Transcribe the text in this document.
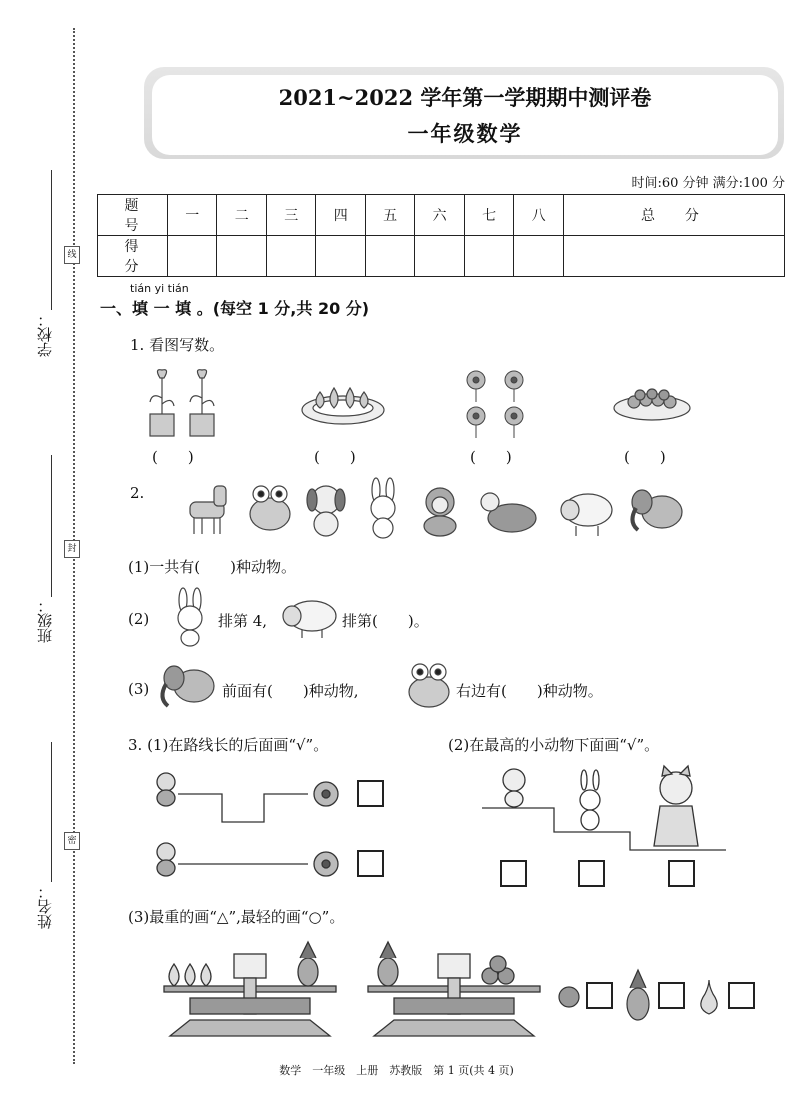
线
封
密
学校：
班级：
姓名：
2021~2022 学年第一学期期中测评卷
一年级数学
时间:60 分钟 满分:100 分
题　号	一	二	三	四	五	六	七	八	总　分
得　分									
tián yi tián
一、填 一 填 。(每空 1 分,共 20 分)
1. 看图写数。
(　　)	(　　)	(　　)	(　　)
2.
(1)一共有(　　)种动物。
(2)	排第 4,	排第(　　)。
(3)	前面有(　　)种动物,	右边有(　　)种动物。
3. (1)在路线长的后面画“√”。	(2)在最高的小动物下面画“√”。
(3)最重的画“△”,最轻的画“○”。
数学　一年级　上册　苏教版　第 1 页(共 4 页)
